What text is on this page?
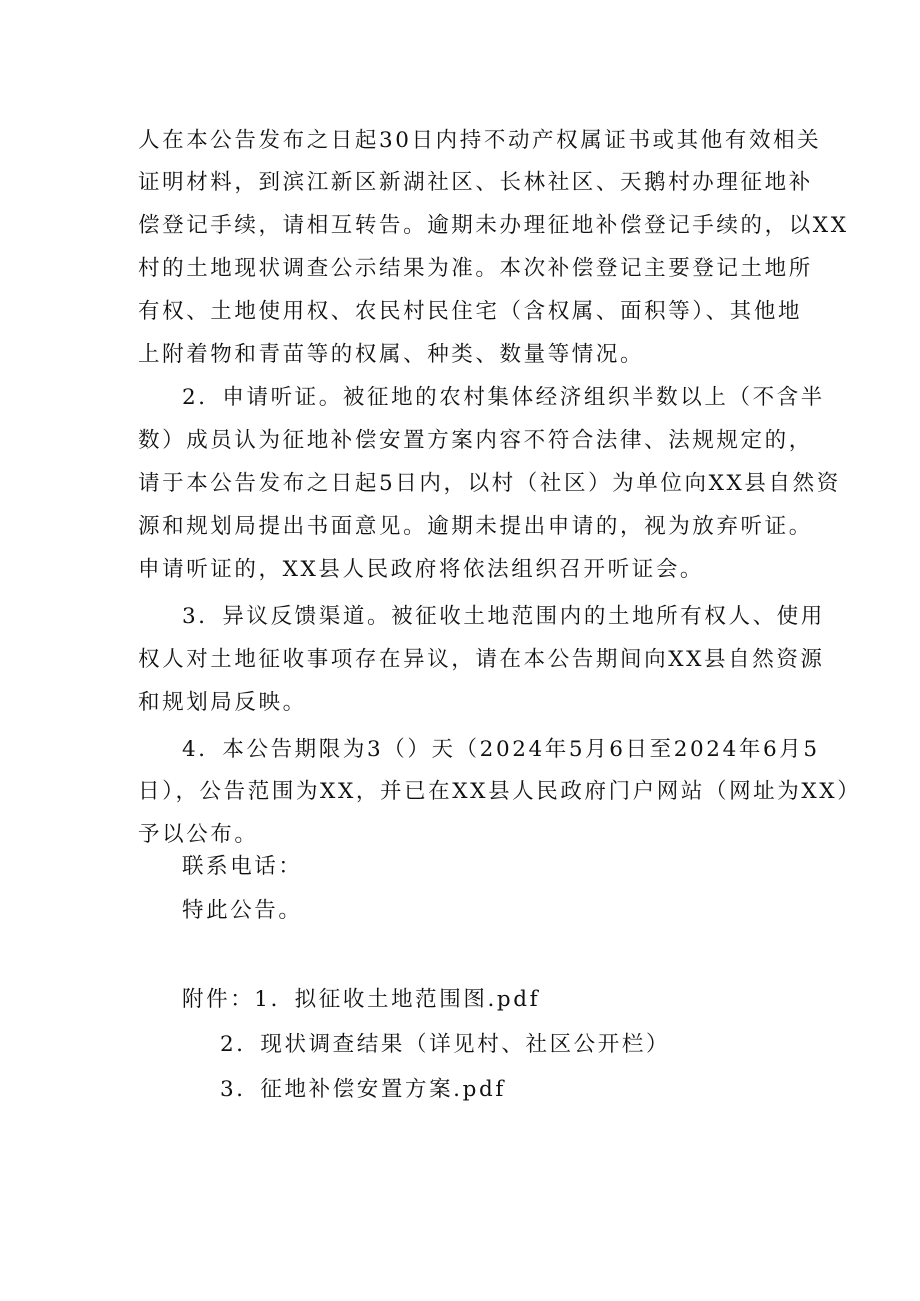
人在本公告发布之日起30日内持不动产权属证书或其他有效相关
证明材料，到滨江新区新湖社区、长林社区、天鹅村办理征地补
偿登记手续，请相互转告。逾期未办理征地补偿登记手续的，以XX
村的土地现状调查公示结果为准。本次补偿登记主要登记土地所
有权、土地使用权、农民村民住宅（含权属、面积等）、其他地
上附着物和青苗等的权属、种类、数量等情况。
2．申请听证。被征地的农村集体经济组织半数以上（不含半
数）成员认为征地补偿安置方案内容不符合法律、法规规定的，
请于本公告发布之日起5日内，以村（社区）为单位向XX县自然资
源和规划局提出书面意见。逾期未提出申请的，视为放弃听证。
申请听证的，XX县人民政府将依法组织召开听证会。
3．异议反馈渠道。被征收土地范围内的土地所有权人、使用
权人对土地征收事项存在异议，请在本公告期间向XX县自然资源
和规划局反映。
4．本公告期限为3（）天（2024年5月6日至2024年6月5
日），公告范围为XX，并已在XX县人民政府门户网站（网址为XX）
予以公布。
联系电话：
特此公告。
附件：1．拟征收土地范围图.pdf
2．现状调查结果（详见村、社区公开栏）
3．征地补偿安置方案.pdf
